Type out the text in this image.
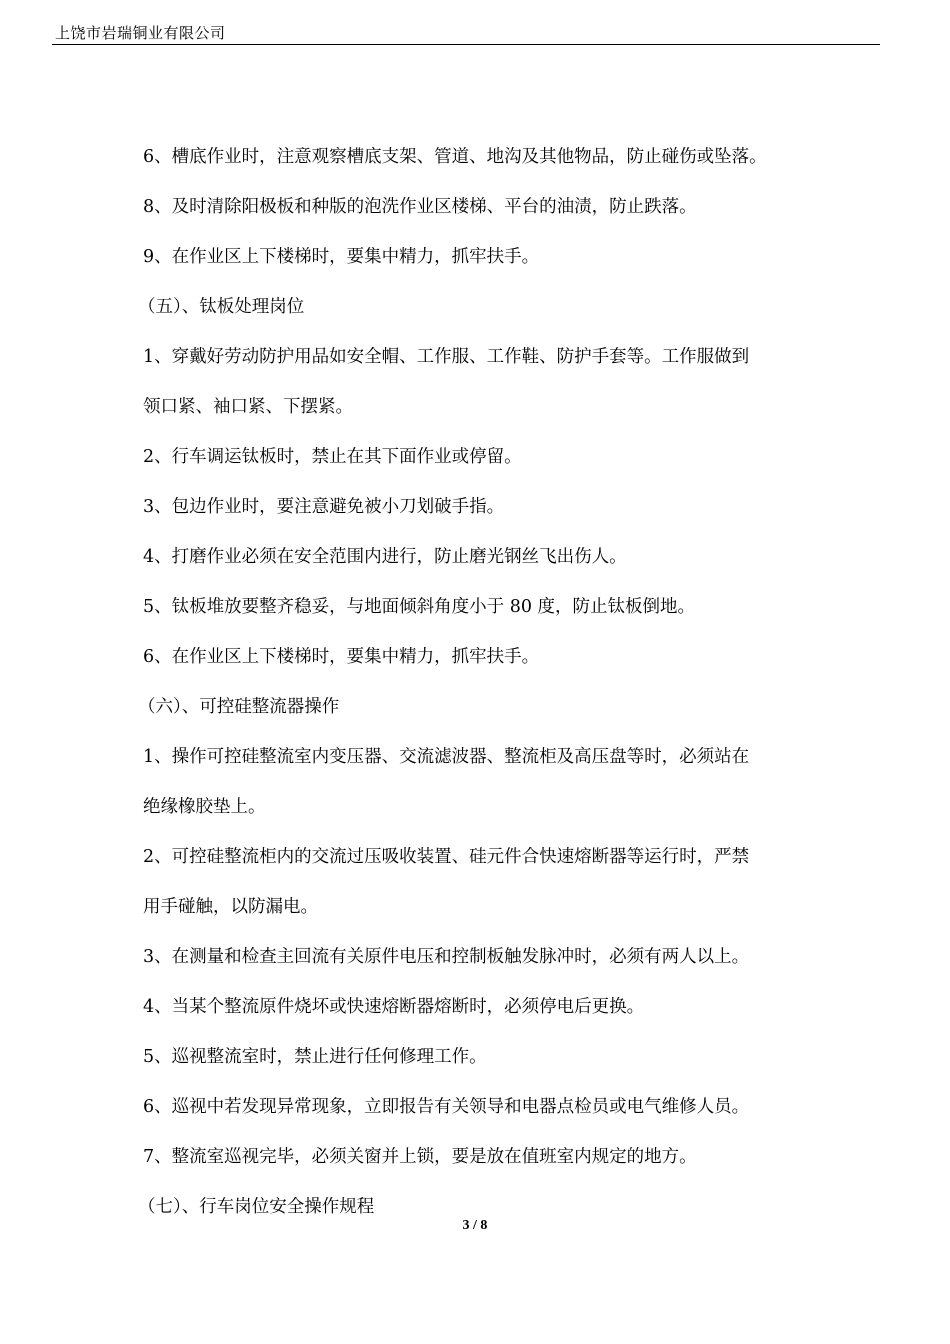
上饶市岩瑞铜业有限公司
6、槽底作业时，注意观察槽底支架、管道、地沟及其他物品，防止碰伤或坠落。
8、及时清除阳极板和种版的泡洗作业区楼梯、平台的油渍，防止跌落。
9、在作业区上下楼梯时，要集中精力，抓牢扶手。
（五）、钛板处理岗位
1、穿戴好劳动防护用品如安全帽、工作服、工作鞋、防护手套等。工作服做到
领口紧、袖口紧、下摆紧。
2、行车调运钛板时，禁止在其下面作业或停留。
3、包边作业时，要注意避免被小刀划破手指。
4、打磨作业必须在安全范围内进行，防止磨光钢丝飞出伤人。
5、钛板堆放要整齐稳妥，与地面倾斜角度小于 80 度，防止钛板倒地。
6、在作业区上下楼梯时，要集中精力，抓牢扶手。
（六）、可控硅整流器操作
1、操作可控硅整流室内变压器、交流滤波器、整流柜及高压盘等时，必须站在
绝缘橡胶垫上。
2、可控硅整流柜内的交流过压吸收装置、硅元件合快速熔断器等运行时，严禁
用手碰触，以防漏电。
3、在测量和检查主回流有关原件电压和控制板触发脉冲时，必须有两人以上。
4、当某个整流原件烧坏或快速熔断器熔断时，必须停电后更换。
5、巡视整流室时，禁止进行任何修理工作。
6、巡视中若发现异常现象，立即报告有关领导和电器点检员或电气维修人员。
7、整流室巡视完毕，必须关窗并上锁，要是放在值班室内规定的地方。
（七）、行车岗位安全操作规程
3 / 8
